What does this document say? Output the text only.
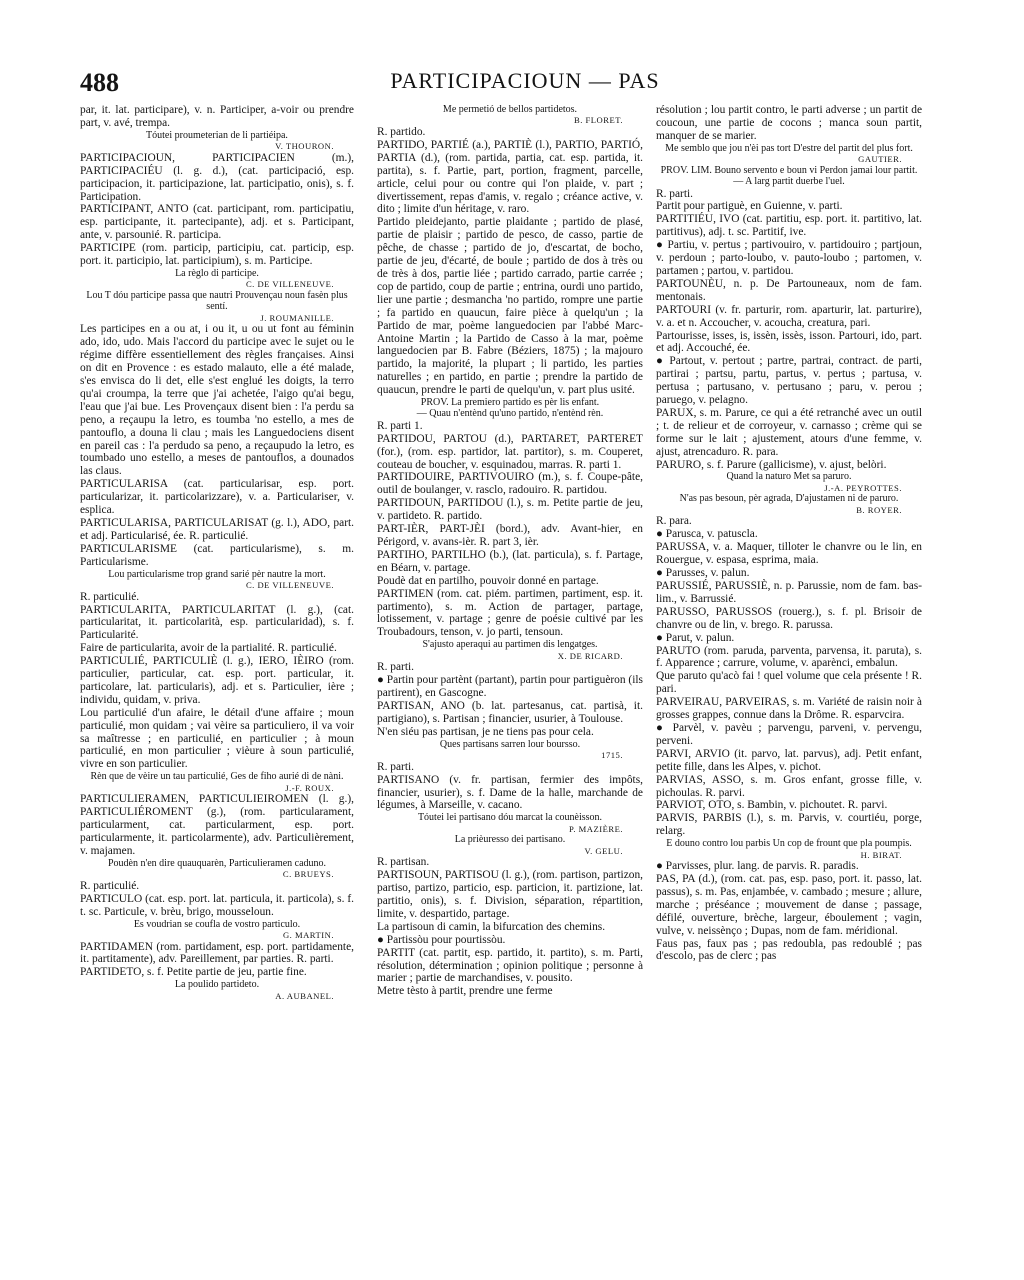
488	PARTICIPACIOUN — PAS

par, it. lat. participare), v. n. Participer, a-voir ou prendre part, v. avé, trempa.

Tóutei proumeterian de li partiéipa.

V. THOURON.

PARTICIPACIOUN, PARTICIPACIEN (m.), PARTICIPACIÉU (l. g. d.), (cat. participació, esp. participacion, it. participazione, lat. participatio, onis), s. f. Participation.

PARTICIPANT, ANTO (cat. participant, rom. participatiu, esp. participante, it. partecipante), adj. et s. Participant, ante, v. parsounié. R. participa.

PARTICIPE (rom. particip, participiu, cat. particip, esp. port. it. participio, lat. participium), s. m. Participe.

La règlo di participe.

C. DE VILLENEUVE.

Lou T dóu participe passa que nautri Prouvençau noun fasèn plus sentí.

J. ROUMANILLE.

Les participes en a ou at, i ou it, u ou ut font au féminin ado, ido, udo. Mais l'accord du participe avec le sujet ou le régime diffère essentiellement des règles françaises. Ainsi on dit en Provence : es estado malauto, elle a été malade, s'es envisca do li det, elle s'est englué les doigts, la terro qu'ai croumpa, la terre que j'ai achetée, l'aigo qu'ai begu, l'eau que j'ai bue. Les Provençaux disent bien : l'a perdu sa peno, a reçaupu la letro, es toumba 'no estello, a mes de pantouflo, a douna li clau ; mais les Languedociens disent en pareil cas : l'a perdudo sa peno, a reçaupudo la letro, es toumbado uno estello, a meses de pantouflos, a dounados las claus.

PARTICULARISA (cat. particularisar, esp. port. particularizar, it. particolarizzare), v. a. Particulariser, v. esplica.

PARTICULARISA, PARTICULARISAT (g. l.), ADO, part. et adj. Particularisé, ée. R. particulié.

PARTICULARISME (cat. particularisme), s. m. Particularisme.

Lou particularisme trop grand sarié pèr nautre la mort.

C. DE VILLENEUVE.

R. particulié.

PARTICULARITA, PARTICULARITAT (l. g.), (cat. particularitat, it. particolarità, esp. particularidad), s. f. Particularité.

Faire de particularita, avoir de la partialité. R. particulié.

PARTICULIÉ, PARTICULIÈ (l. g.), IERO, IÈIRO (rom. particulier, particular, cat. esp. port. particular, it. particolare, lat. particularis), adj. et s. Particulier, ière ; individu, quidam, v. priva.

Lou particulié d'un afaire, le détail d'une affaire ; moun particulié, mon quidam ; vai vèire sa particuliero, il va voir sa maîtresse ; en particulié, en particulier ; à moun particulié, en mon particulier ; vièure à soun particulié, vivre en son particulier.

Rèn que de vèire un tau particulié, Ges de fiho aurié di de nàni.

J.-F. ROUX.

PARTICULIERAMEN, PARTICULIEIROMEN (l. g.), PARTICULIÉROMENT (g.), (rom. particularament, particularment, cat. particularment, esp. port. particularmente, it. particolarmente), adv. Particulièrement, v. majamen.

Poudèn n'en dire quauquarèn, Particulieramen caduno.

C. BRUEYS.

R. particulié.

PARTICULO (cat. esp. port. lat. particula, it. particola), s. f. t. sc. Particule, v. brèu, brigo, mousseloun.

Es voudrian se coufla de vostro particulo.

G. MARTIN.

PARTIDAMEN (rom. partidament, esp. port. partidamente, it. partitamente), adv. Pareillement, par parties. R. parti.

PARTIDETO, s. f. Petite partie de jeu, partie fine.

La poulido partideto.

A. AUBANEL.

Me permetió de bellos partidetos.

B. FLORET.

R. partido.

PARTIDO, PARTIÉ (a.), PARTIÈ (l.), PARTIO, PARTIÓ, PARTIA (d.), (rom. partida, partia, cat. esp. partida, it. partita), s. f. Partie, part, portion, fragment, parcelle, article, celui pour ou contre qui l'on plaide, v. part ; divertissement, repas d'amis, v. regalo ; créance active, v. dito ; limite d'un héritage, v. raro.

Partido pleidejanto, partie plaidante ; partido de plasé, partie de plaisir ; partido de pesco, de casso, partie de pêche, de chasse ; partido de jo, d'escartat, de bocho, partie de jeu, d'écarté, de boule ; partido de dos à très ou de très à dos, partie liée ; partido carrado, partie carrée ; cop de partido, coup de partie ; entrina, ourdi uno partido, lier une partie ; desmancha 'no partido, rompre une partie ; fa partido en quaucun, faire pièce à quelqu'un ; la Partido de mar, poème languedocien par l'abbé Marc-Antoine Martin ; la Partido de Casso à la mar, poème languedocien par B. Fabre (Béziers, 1875) ; la majouro partido, la majorité, la plupart ; li partido, les parties naturelles ; en partido, en partie ; prendre la partido de quaucun, prendre le parti de quelqu'un, v. part plus usité.

PROV. La premiero partido es pèr lis enfant.

— Quau n'entènd qu'uno partido, n'entènd rèn.

R. parti 1.

PARTIDOU, PARTOU (d.), PARTARET, PARTERET (for.), (rom. esp. partidor, lat. partitor), s. m. Couperet, couteau de boucher, v. esquinadou, marras. R. parti 1.

PARTIDOUIRE, PARTIVOUIRO (m.), s. f. Coupe-pâte, outil de boulanger, v. rasclo, radouiro. R. partidou.

PARTIDOUN, PARTIDOU (l.), s. m. Petite partie de jeu, v. partideto. R. partido.

PART-IÈR, PART-JÈI (bord.), adv. Avant-hier, en Périgord, v. avans-ièr. R. part 3, ièr.

PARTIHO, PARTILHO (b.), (lat. particula), s. f. Partage, en Béarn, v. partage.

Poudè dat en partilho, pouvoir donné en partage.

PARTIMEN (rom. cat. piém. partimen, partiment, esp. it. partimento), s. m. Action de partager, partage, lotissement, v. partage ; genre de poésie cultivé par les Troubadours, tenson, v. jo parti, tensoun.

S'ajusto aperaqui au partimen dis lengatges.

X. DE RICARD.

R. parti.

● Partin pour partènt (partant), partin pour partiguèron (ils partirent), en Gascogne.

PARTISAN, ANO (b. lat. partesanus, cat. partisà, it. partigiano), s. Partisan ; financier, usurier, à Toulouse.

N'en siéu pas partisan, je ne tiens pas pour cela.

Ques partisans sarren lour boursso.

1715.

R. parti.

PARTISANO (v. fr. partisan, fermier des impôts, financier, usurier), s. f. Dame de la halle, marchande de légumes, à Marseille, v. cacano.

Tóutei lei partisano dóu marcat la counèisson.

P. MAZIÈRE.

La prièuresso dei partisano.

V. GELU.

R. partisan.

PARTISOUN, PARTISOU (l. g.), (rom. partison, partizon, partiso, partizo, particio, esp. particion, it. partizione, lat. partitio, onis), s. f. Division, séparation, répartition, limite, v. despartido, partage.

La partisoun di camin, la bifurcation des chemins.

● Partissòu pour pourtissòu.

PARTIT (cat. partit, esp. partido, it. partito), s. m. Parti, résolution, détermination ; opinion politique ; personne à marier ; partie de marchandises, v. pousito.

Metre tèsto à partit, prendre une ferme

résolution ; lou partit contro, le parti adverse ; un partit de coucoun, une partie de cocons ; manca soun partit, manquer de se marier.

Me semblo que jou n'èi pas tort D'estre del partit del plus fort.

GAUTIER.

PROV. LIM. Bouno servento e boun vi Perdon jamai lour partit.

— A larg partit duerbe l'uel.

R. parti.

Partit pour partiguè, en Guienne, v. parti.

PARTITIÉU, IVO (cat. partitiu, esp. port. it. partitivo, lat. partitivus), adj. t. sc. Partitif, ive.

● Partiu, v. pertus ; partivouiro, v. partidouiro ; partjoun, v. perdoun ; parto-loubo, v. pauto-loubo ; partomen, v. partamen ; partou, v. partidou.

PARTOUNÈU, n. p. De Partouneaux, nom de fam. mentonais.

PARTOURI (v. fr. parturir, rom. aparturir, lat. parturire), v. a. et n. Accoucher, v. acoucha, creatura, pari.

Partourisse, isses, is, issèn, issès, isson. Partouri, ido, part. et adj. Accouché, ée.

● Partout, v. pertout ; partre, partrai, contract. de parti, partirai ; partsu, partu, partus, v. pertus ; partusa, v. pertusa ; partusano, v. pertusano ; paru, v. perou ; paruego, v. pelagno.

PARUX, s. m. Parure, ce qui a été retranché avec un outil ; t. de relieur et de corroyeur, v. carnasso ; crème qui se forme sur le lait ; ajustement, atours d'une femme, v. ajust, atrencaduro. R. para.

PARURO, s. f. Parure (gallicisme), v. ajust, belòri.

Quand la naturo Met sa paruro.

J.-A. PEYROTTES.

N'as pas besoun, pèr agrada, D'ajustamen ni de paruro.

B. ROYER.

R. para.

● Parusca, v. patuscla.

PARUSSA, v. a. Maquer, tilloter le chanvre ou le lin, en Rouergue, v. espasa, esprima, maia.

● Parusses, v. palun.

PARUSSIÉ, PARUSSIÈ, n. p. Parussie, nom de fam. bas-lim., v. Barrussié.

PARUSSO, PARUSSOS (rouerg.), s. f. pl. Brisoir de chanvre ou de lin, v. brego. R. parussa.

● Parut, v. palun.

PARUTO (rom. paruda, parventa, parvensa, it. paruta), s. f. Apparence ; carrure, volume, v. aparènci, embalun.

Que paruto qu'acò fai ! quel volume que cela présente ! R. pari.

PARVEIRAU, PARVEIRAS, s. m. Variété de raisin noir à grosses grappes, connue dans la Drôme. R. esparvcira.

● Parvèl, v. pavèu ; parvengu, parveni, v. pervengu, perveni.

PARVI, ARVIO (it. parvo, lat. parvus), adj. Petit enfant, petite fille, dans les Alpes, v. pichot.

PARVIAS, ASSO, s. m. Gros enfant, grosse fille, v. pichoulas. R. parvi.

PARVIOT, OTO, s. Bambin, v. pichoutet. R. parvi.

PARVIS, PARBIS (l.), s. m. Parvis, v. courtiéu, porge, relarg.

E douno contro lou parbis Un cop de frount que pla poumpis.

H. BIRAT.

● Parvisses, plur. lang. de parvis. R. paradis.

PAS, PA (d.), (rom. cat. pas, esp. paso, port. it. passo, lat. passus), s. m. Pas, enjambée, v. cambado ; mesure ; allure, marche ; préséance ; mouvement de danse ; passage, défilé, ouverture, brèche, largeur, éboulement ; vagin, vulve, v. neissènço ; Dupas, nom de fam. méridional.

Faus pas, faux pas ; pas redoubla, pas redoublé ; pas d'escolo, pas de clerc ; pas
